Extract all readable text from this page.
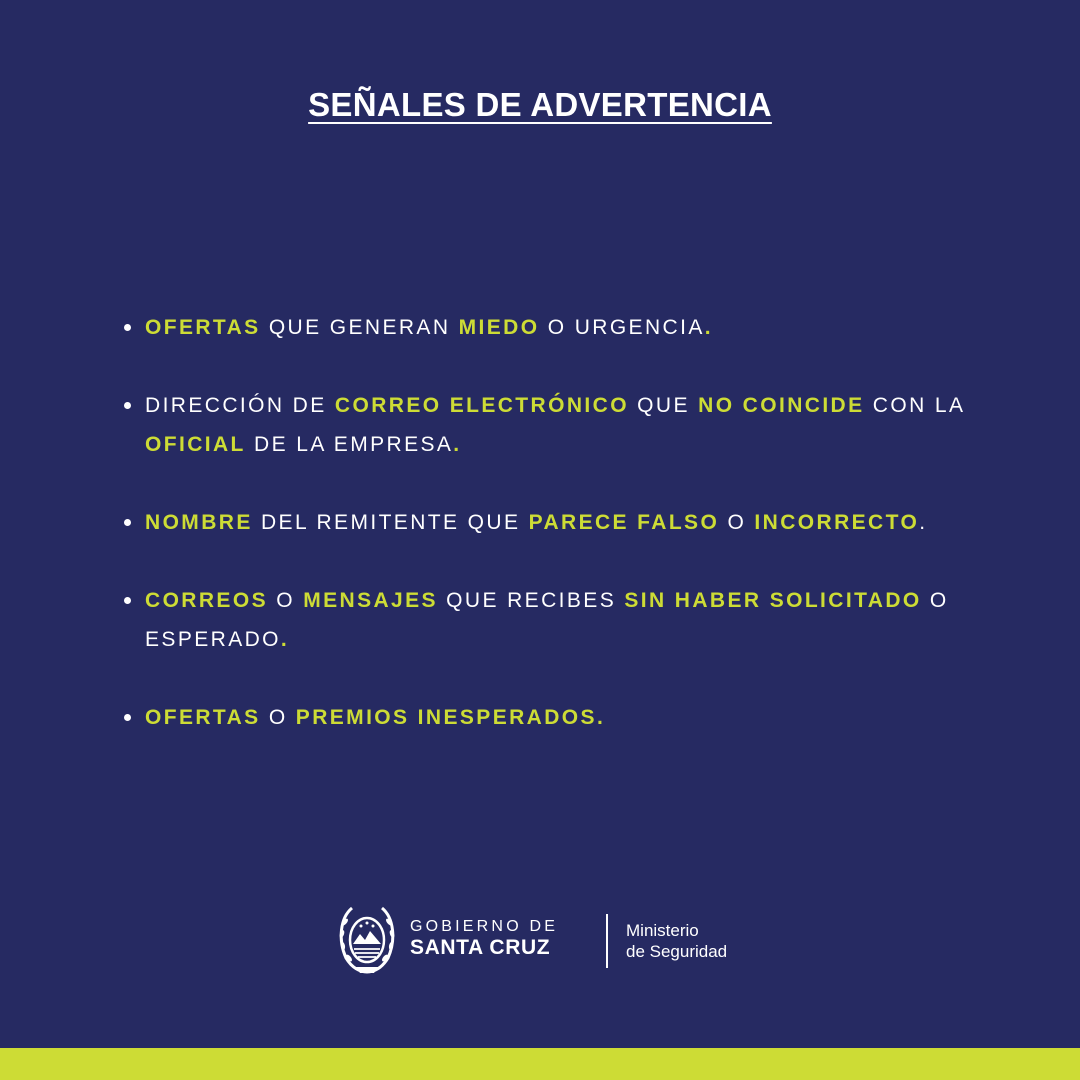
SEÑALES DE ADVERTENCIA
OFERTAS QUE GENERAN MIEDO O URGENCIA.
DIRECCIÓN DE CORREO ELECTRÓNICO QUE NO COINCIDE CON LA OFICIAL DE LA EMPRESA.
NOMBRE DEL REMITENTE QUE PARECE FALSO O INCORRECTO.
CORREOS O MENSAJES QUE RECIBES SIN HABER SOLICITADO O ESPERADO.
OFERTAS O PREMIOS INESPERADOS.
GOBIERNO DE
SANTA CRUZ
Ministerio
de Seguridad
